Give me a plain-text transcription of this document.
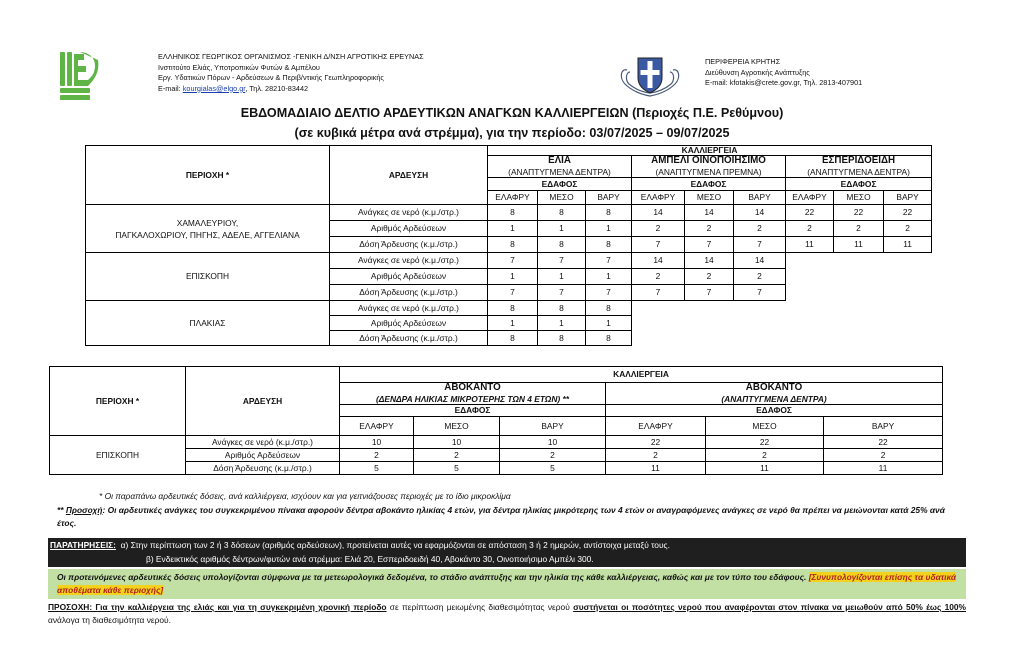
ΕΛΛΗΝΙΚΟΣ ΓΕΩΡΓΙΚΟΣ ΟΡΓΑΝΙΣΜΟΣ -ΓΕΝΙΚΗ Δ/ΝΣΗ ΑΓΡΟΤΙΚΗΣ ΕΡΕΥΝΑΣ
Ινστιτούτο Ελιάς, Υποτροπικών Φυτών & Αμπέλου
Εργ. Υδατικών Πόρων - Αρδεύσεων & Περιβ/ντικής Γεωπληροφορικής
E-mail: kourgialas@elgo.gr, Τηλ. 28210-83442
ΠΕΡΙΦΕΡΕΙΑ ΚΡΗΤΗΣ
Διεύθυνση Αγροτικής Ανάπτυξης
E-mail: kfotakis@crete.gov.gr, Τηλ. 2813-407901
ΕΒΔΟΜΑΔΙΑΙΟ ΔΕΛΤΙΟ ΑΡΔΕΥΤΙΚΩΝ ΑΝΑΓΚΩΝ ΚΑΛΛΙΕΡΓΕΙΩΝ (Περιοχές Π.Ε. Ρεθύμνου)
(σε κυβικά μέτρα ανά στρέμμα), για την περίοδο: 03/07/2025 – 09/07/2025
ΠΕΡΙΟΧΗ *	ΑΡΔΕΥΣΗ	ΚΑΛΛΙΕΡΓΕΙΑ								
		ΕΛΙΑ			ΑΜΠΕΛΙ ΟΙΝΟΠΟΙΗΣΙΜΟ			ΕΣΠΕΡΙΔΟΕΙΔΗ		
		(ΑΝΑΠΤΥΓΜΕΝΑ ΔΕΝΤΡΑ)			(ΑΝΑΠΤΥΓΜΕΝΑ ΠΡΕΜΝΑ)			(ΑΝΑΠΤΥΓΜΕΝΑ ΔΕΝΤΡΑ)		
		ΕΔΑΦΟΣ			ΕΔΑΦΟΣ			ΕΔΑΦΟΣ		
		ΕΛΑΦΡΥ	ΜΕΣΟ	ΒΑΡΥ	ΕΛΑΦΡΥ	ΜΕΣΟ	ΒΑΡΥ	ΕΛΑΦΡΥ	ΜΕΣΟ	ΒΑΡΥ
ΧΑΜΑΛΕΥΡΙΟΥ,
ΠΑΓΚΑΛΟΧΩΡΙΟΥ, ΠΗΓΗΣ, ΑΔΕΛΕ, ΑΓΓΕΛΙΑΝΑ	Ανάγκες σε νερό (κ.μ./στρ.)	8	8	8	14	14	14	22	22	22
	Αριθμός Αρδεύσεων	1	1	1	2	2	2	2	2	2
	Δόση Άρδευσης (κ.μ./στρ.)	8	8	8	7	7	7	11	11	11
ΕΠΙΣΚΟΠΗ	Ανάγκες σε νερό (κ.μ./στρ.)	7	7	7	14	14	14			
	Αριθμός Αρδεύσεων	1	1	1	2	2	2			
	Δόση Άρδευσης (κ.μ./στρ.)	7	7	7	7	7	7			
ΠΛΑΚΙΑΣ	Ανάγκες σε νερό (κ.μ./στρ.)	8	8	8						
	Αριθμός Αρδεύσεων	1	1	1						
	Δόση Άρδευσης (κ.μ./στρ.)	8	8	8						
ΠΕΡΙΟΧΗ *	ΑΡΔΕΥΣΗ	ΚΑΛΛΙΕΡΓΕΙΑ					
		ΑΒΟΚΑΝΤΟ			ΑΒΟΚΑΝΤΟ		
		(ΔΕΝΔΡΑ ΗΛΙΚΙΑΣ ΜΙΚΡΟΤΕΡΗΣ ΤΩΝ 4 ΕΤΩΝ) **			(ΑΝΑΠΤΥΓΜΕΝΑ ΔΕΝΤΡΑ)		
		ΕΔΑΦΟΣ			ΕΔΑΦΟΣ		
		ΕΛΑΦΡΥ	ΜΕΣΟ	ΒΑΡΥ	ΕΛΑΦΡΥ	ΜΕΣΟ	ΒΑΡΥ
ΕΠΙΣΚΟΠΗ	Ανάγκες σε νερό (κ.μ./στρ.)	10	10	10	22	22	22
	Αριθμός Αρδεύσεων	2	2	2	2	2	2
	Δόση Άρδευσης (κ.μ./στρ.)	5	5	5	11	11	11
* Οι παραπάνω αρδευτικές δόσεις, ανά καλλιέργεια, ισχύουν και για γειτνιάζουσες περιοχές με το ίδιο μικροκλίμα
** Προσοχή: Οι αρδευτικές ανάγκες του συγκεκριμένου πίνακα αφορούν δέντρα αβοκάντο ηλικίας 4 ετών, για δέντρα ηλικίας μικρότερης των 4 ετών οι αναγραφόμενες ανάγκες σε νερό θα πρέπει να μειώνονται κατά 25% ανά έτος.
ΠΑΡΑΤΗΡΗΣΕΙΣ: α) Στην περίπτωση των 2 ή 3 δόσεων (αριθμός αρδεύσεων), προτείνεται αυτές να εφαρμόζονται σε απόσταση 3 ή 2 ημερών, αντίστοιχα μεταξύ τους.
β) Ενδεικτικός αριθμός δέντρων/φυτών ανά στρέμμα: Ελιά 20, Εσπεριδοειδή 40, Αβοκάντο 30, Οινοποιήσιμο Αμπέλι 300.
Οι προτεινόμενες αρδευτικές δόσεις υπολογίζονται σύμφωνα με τα μετεωρολογικά δεδομένα, το στάδιο ανάπτυξης και την ηλικία της κάθε καλλιέργειας, καθώς και με τον τύπο του εδάφους. [Συνυπολογίζονται επίσης τα υδατικά αποθέματα κάθε περιοχής]
ΠΡΟΣΟΧΗ: Για την καλλιέργεια της ελιάς και για τη συγκεκριμένη χρονική περίοδο σε περίπτωση μειωμένης διαθεσιμότητας νερού συστήνεται οι ποσότητες νερού που αναφέρονται στον πίνακα να μειωθούν από 50% έως 100% ανάλογα τη διαθεσιμότητα νερού.
